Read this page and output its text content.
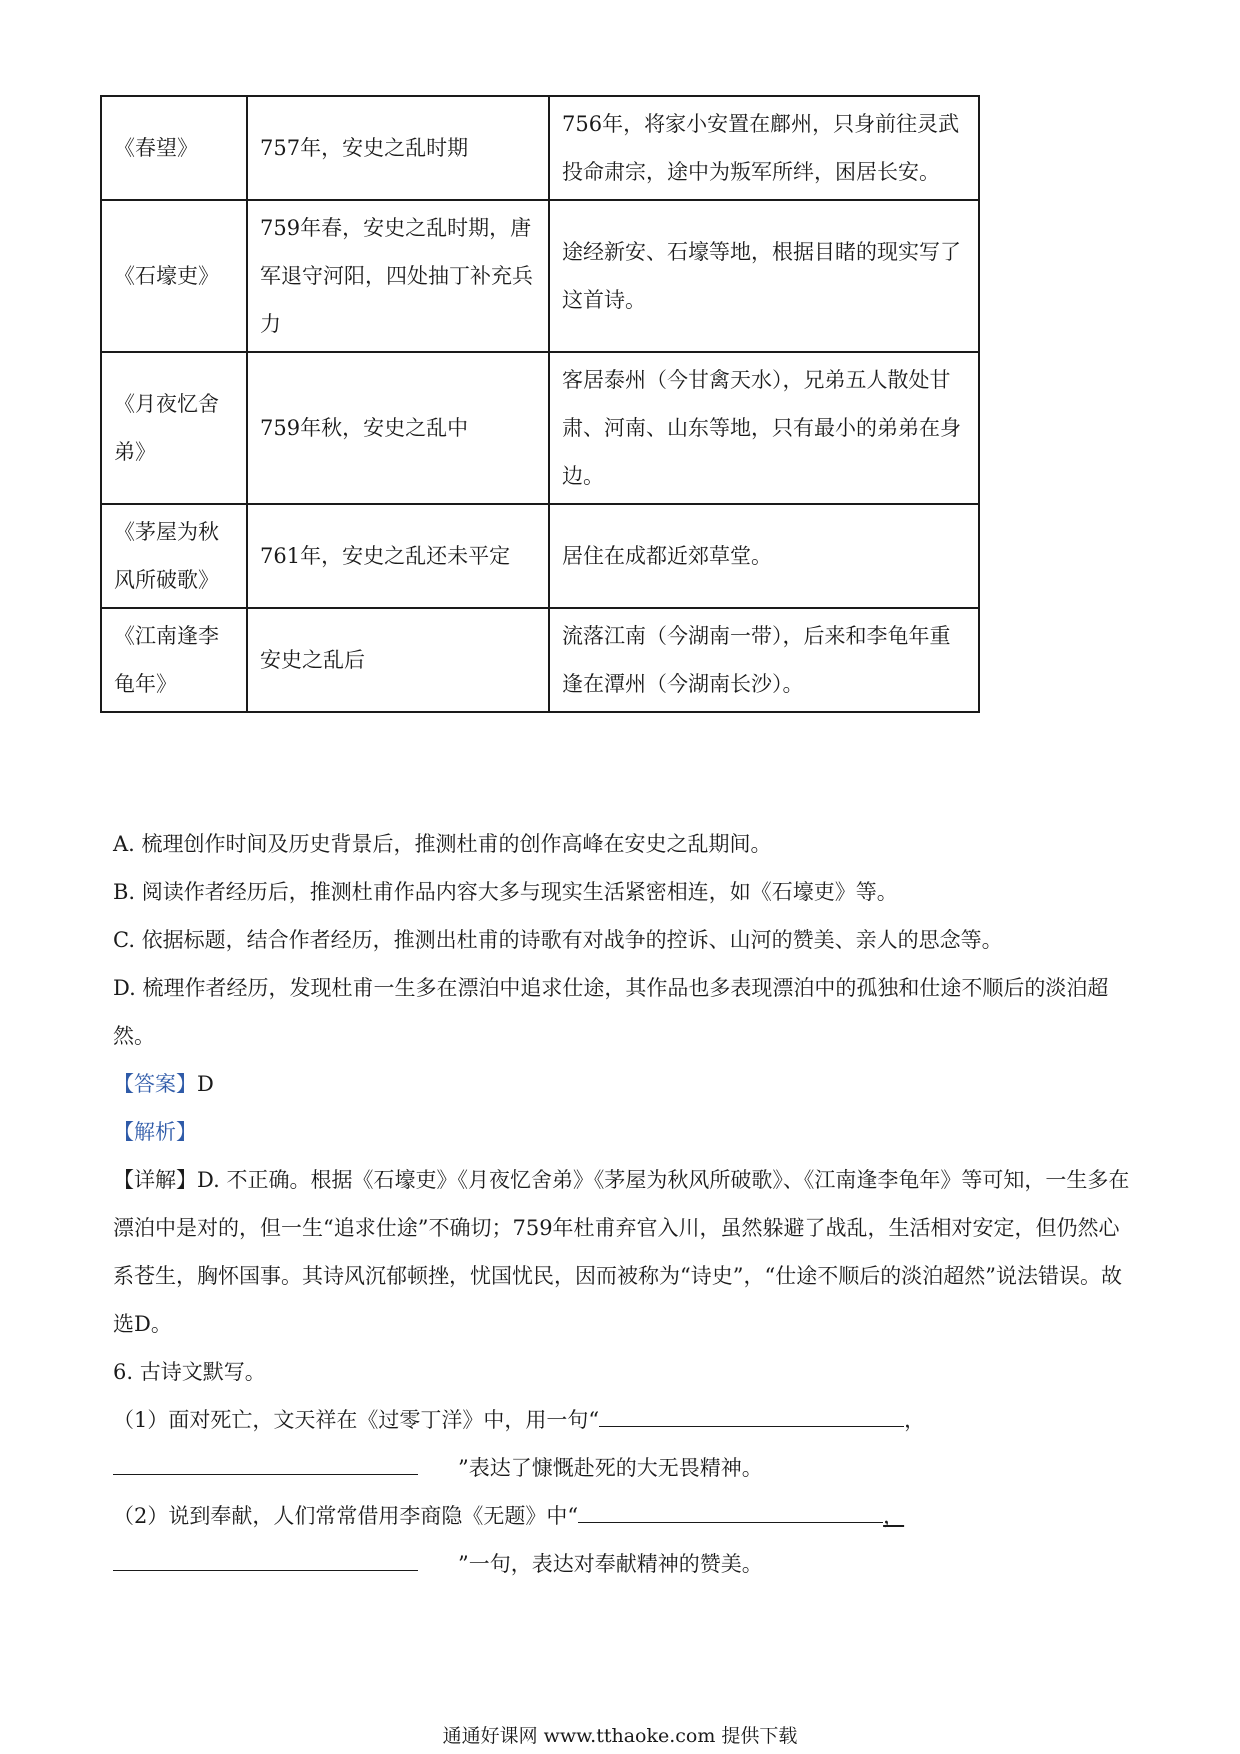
《春望》	757年，安史之乱时期	756年，将家小安置在鄜州，只身前往灵武投命肃宗，途中为叛军所绊，困居长安。
《石壕吏》	759年春，安史之乱时期，唐军退守河阳，四处抽丁补充兵力	途经新安、石壕等地，根据目睹的现实写了这首诗。
《月夜忆舍弟》	759年秋，安史之乱中	客居泰州（今甘禽天水），兄弟五人散处甘肃、河南、山东等地，只有最小的弟弟在身边。
《茅屋为秋风所破歌》	761年，安史之乱还未平定	居住在成都近郊草堂。
《江南逢李龟年》	安史之乱后	流落江南（今湖南一带），后来和李龟年重逢在潭州（今湖南长沙）。

A. 梳理创作时间及历史背景后，推测杜甫的创作高峰在安史之乱期间。

B. 阅读作者经历后，推测杜甫作品内容大多与现实生活紧密相连，如《石壕吏》等。

C. 依据标题，结合作者经历，推测出杜甫的诗歌有对战争的控诉、山河的赞美、亲人的思念等。

D. 梳理作者经历，发现杜甫一生多在漂泊中追求仕途，其作品也多表现漂泊中的孤独和仕途不顺后的淡泊超然。

【答案】D

【解析】

【详解】D. 不正确。根据《石壕吏》《月夜忆舍弟》《茅屋为秋风所破歌》、《江南逢李龟年》等可知，一生多在漂泊中是对的，但一生“追求仕途”不确切；759年杜甫弃官入川，虽然躲避了战乱，生活相对安定，但仍然心系苍生，胸怀国事。其诗风沉郁顿挫，忧国忧民，因而被称为“诗史”，“仕途不顺后的淡泊超然”说法错误。故选D。

6. 古诗文默写。

（1）面对死亡，文天祥在《过零丁洋》中，用一句“	，

”表达了慷慨赴死的大无畏精神。

（2）说到奉献，人们常常借用李商隐《无题》中“	，

”一句，表达对奉献精神的赞美。

通通好课网 www.tthaoke.com 提供下载
